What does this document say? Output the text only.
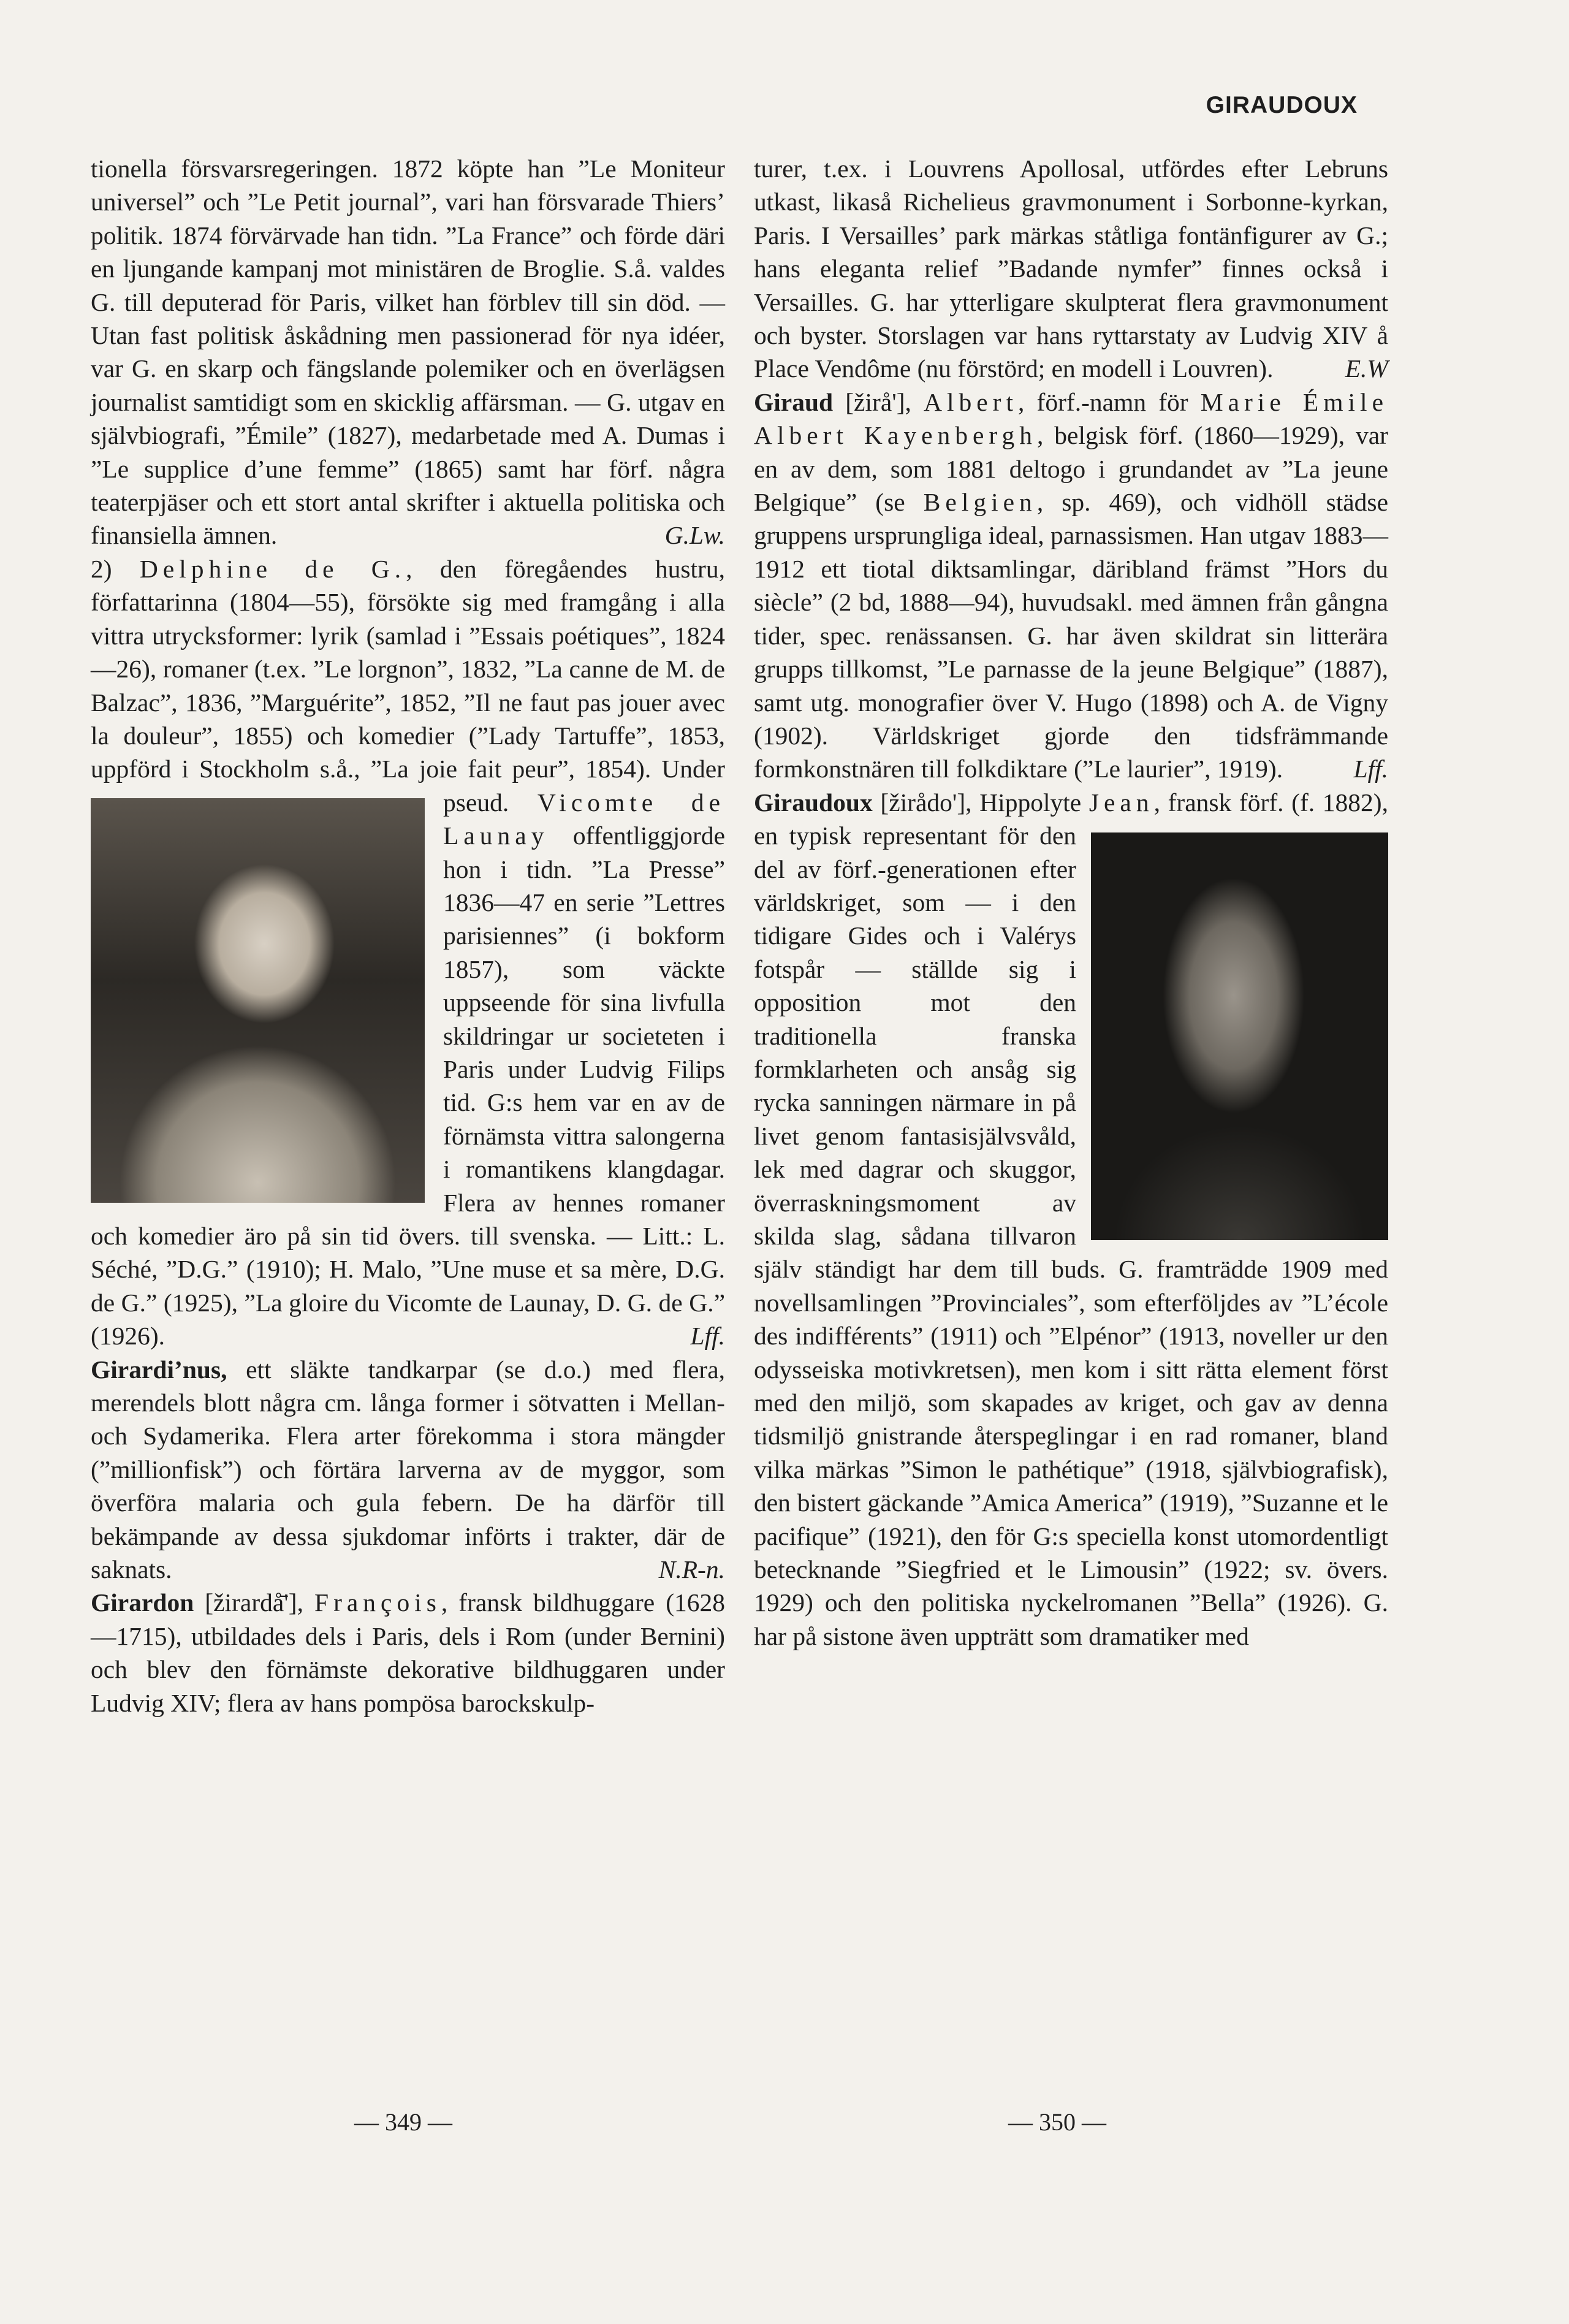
GIRAUDOUX

tionella försvarsregeringen. 1872 köpte han ”Le Moniteur universel” och ”Le Petit journal”, vari han försvarade Thiers’ politik. 1874 förvärvade han tidn. ”La France” och förde däri en ljungande kampanj mot ministären de Broglie. S.å. valdes G. till deputerad för Paris, vilket han förblev till sin död. — Utan fast politisk åskådning men passionerad för nya idéer, var G. en skarp och fängslande polemiker och en överlägsen journalist samtidigt som en skicklig affärsman. — G. utgav en självbiografi, ”Émile” (1827), medarbetade med A. Dumas i ”Le supplice d’une femme” (1865) samt har förf. några teaterpjäser och ett stort antal skrifter i aktuella politiska och finansiella ämnen.	G.Lw.

2) Delphine de G., den föregåendes hustru, författarinna (1804—55), försökte sig med framgång i alla vittra utrycksformer: lyrik (samlad i ”Essais poétiques”, 1824—26), romaner (t.ex. ”Le lorgnon”, 1832, ”La canne de M. de Balzac”, 1836, ”Marguérite”, 1852, ”Il ne faut pas jouer avec la douleur”, 1855) och komedier (”Lady Tartuffe”, 1853, uppförd i Stockholm s.å., ”La joie fait peur”, 1854). Under pseud.
Vicomte de Launay offentliggjorde hon i tidn. ”La Presse” 1836—47 en serie ”Lettres parisiennes” (i bokform 1857), som väckte uppseende för sina livfulla skildringar ur societeten i Paris under Ludvig Filips tid. G:s hem var en av de förnämsta vittra salongerna i romantikens klangdagar. Flera av hennes romaner och komedier äro på sin tid övers. till svenska. — Litt.: L. Séché, ”D.G.” (1910); H. Malo, ”Une muse et sa mère, D.G. de G.” (1925), ”La gloire du Vicomte de Launay, D. G. de G.” (1926).	Lff.

Girardi’nus, ett släkte tandkarpar (se d.o.) med flera, merendels blott några cm. långa former i sötvatten i Mellan- och Sydamerika. Flera arter förekomma i stora mängder (”millionfisk”) och förtära larverna av de myggor, som överföra malaria och gula febern. De ha därför till bekämpande av dessa sjukdomar införts i trakter, där de saknats.	N.R-n.

Girardon [žirardå̄'], François, fransk bildhuggare (1628—1715), utbildades dels i Paris, dels i Rom (under Bernini) och blev den förnämste dekorative bildhuggaren under Ludvig XIV; flera av hans pompösa barockskulp-

turer, t.ex. i Louvrens Apollosal, utfördes efter Lebruns utkast, likaså Richelieus gravmonument i Sorbonne-kyrkan, Paris. I Versailles’ park märkas ståtliga fontänfigurer av G.; hans eleganta relief ”Badande nymfer” finnes också i Versailles. G. har ytterligare skulpterat flera gravmonument och byster. Storslagen var hans ryttarstaty av Ludvig XIV å Place Vendôme (nu förstörd; en modell i Louvren).	E.W

Giraud [žirå'], Albert, förf.-namn för Marie Émile Albert Kayenbergh, belgisk förf. (1860—1929), var en av dem, som 1881 deltogo i grundandet av ”La jeune Belgique” (se Belgien, sp. 469), och vidhöll städse gruppens ursprungliga ideal, parnassismen. Han utgav 1883—1912 ett tiotal diktsamlingar, däribland främst ”Hors du siècle” (2 bd, 1888—94), huvudsakl. med ämnen från gångna tider, spec. renässansen. G. har även skildrat sin litterära grupps tillkomst, ”Le parnasse de la jeune Belgique” (1887), samt utg. monografier över V. Hugo (1898) och A. de Vigny (1902). Världskriget gjorde den tidsfrämmande formkonstnären till folkdiktare (”Le laurier”, 1919).	Lff.

Giraudoux [žirådo'], Hippolyte Jean
, fransk förf. (f. 1882), en typisk representant för den del av förf.-generationen efter världskriget, som — i den tidigare Gides och i Valérys fotspår — ställde sig i opposition mot den traditionella franska formklarheten och ansåg sig rycka sanningen närmare in på livet genom fantasisjälvsvåld, lek med dagrar och skuggor, överraskningsmoment av skilda slag, sådana tillvaron själv ständigt har dem till buds. G. framträdde 1909 med novellsamlingen ”Provinciales”, som efterföljdes av ”L’école des indifférents” (1911) och ”Elpénor” (1913, noveller ur den odysseiska motivkretsen), men kom i sitt rätta element först med den miljö, som skapades av kriget, och gav av denna tidsmiljö gnistrande återspeglingar i en rad romaner, bland vilka märkas ”Simon le pathétique” (1918, självbiografisk), den bistert gäckande ”Amica America” (1919), ”Suzanne et le pacifique” (1921), den för G:s speciella konst utomordentligt betecknande ”Siegfried et le Limousin” (1922; sv. övers. 1929) och den politiska nyckelromanen ”Bella” (1926). G. har på sistone även uppträtt som dramatiker med

— 349 —	— 350 —
